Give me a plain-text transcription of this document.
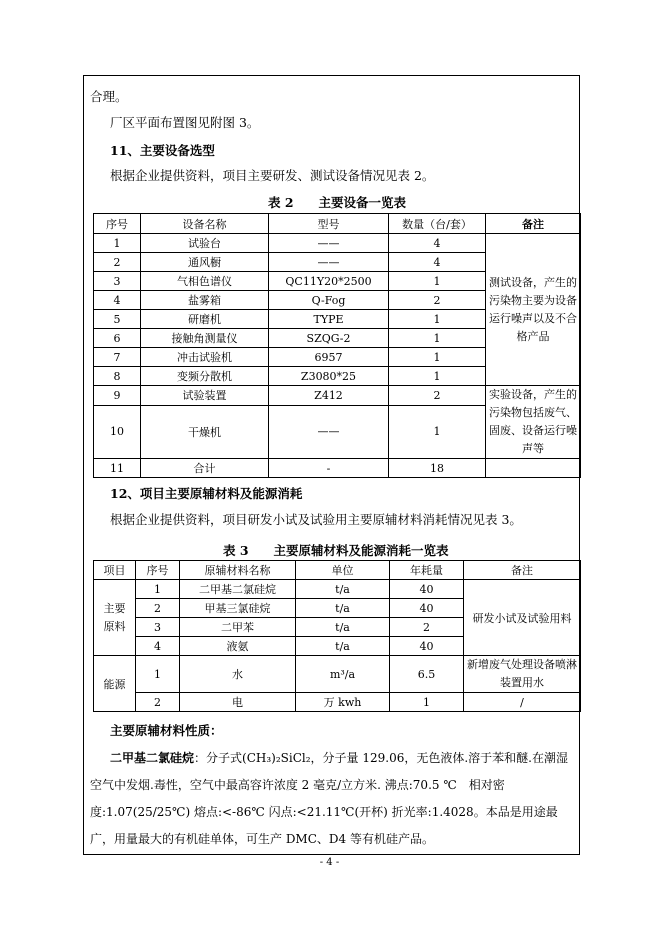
合理。
厂区平面布置图见附图 3。
11、主要设备选型
根据企业提供资料，项目主要研发、测试设备情况见表 2。
表 2　　主要设备一览表
序号	设备名称	型号	数量（台/套）	备注
1	试验台	——	4	测试设备，产生的污染物主要为设备运行噪声以及不合格产品
2	通风橱	——	4	
3	气相色谱仪	QC11Y20*2500	1	
4	盐雾箱	Q-Fog	2	
5	研磨机	TYPE	1	
6	接触角测量仪	SZQG-2	1	
7	冲击试验机	6957	1	
8	变频分散机	Z3080*25	1	
9	试验装置	Z412	2	实验设备，产生的污染物包括废气、固废、设备运行噪声等
10	干燥机	——	1	
11	合计	-	18	
12、项目主要原辅材料及能源消耗
根据企业提供资料，项目研发小试及试验用主要原辅材料消耗情况见表 3。
表 3　　主要原辅材料及能源消耗一览表
项目	序号	原辅材料名称	单位	年耗量	备注
主要原料	1	二甲基二氯硅烷	t/a	40	研发小试及试验用料
	2	甲基三氯硅烷	t/a	40	
	3	二甲苯	t/a	2	
	4	液氨	t/a	40	
能源	1	水	m³/a	6.5	新增废气处理设备喷淋装置用水
	2	电	万 kwh	1	/
主要原辅材料性质：
二甲基二氯硅烷：分子式(CH₃)₂SiCl₂，分子量 129.06，无色液体.溶于苯和醚.在潮湿空气中发烟.毒性，空气中最高容许浓度 2 毫克/立方米. 沸点:70.5 ℃　相对密度:1.07(25/25℃) 熔点:<-86℃ 闪点:<21.11℃(开杯) 折光率:1.4028。本品是用途最广，用量最大的有机硅单体，可生产 DMC、D4 等有机硅产品。
- 4 -
